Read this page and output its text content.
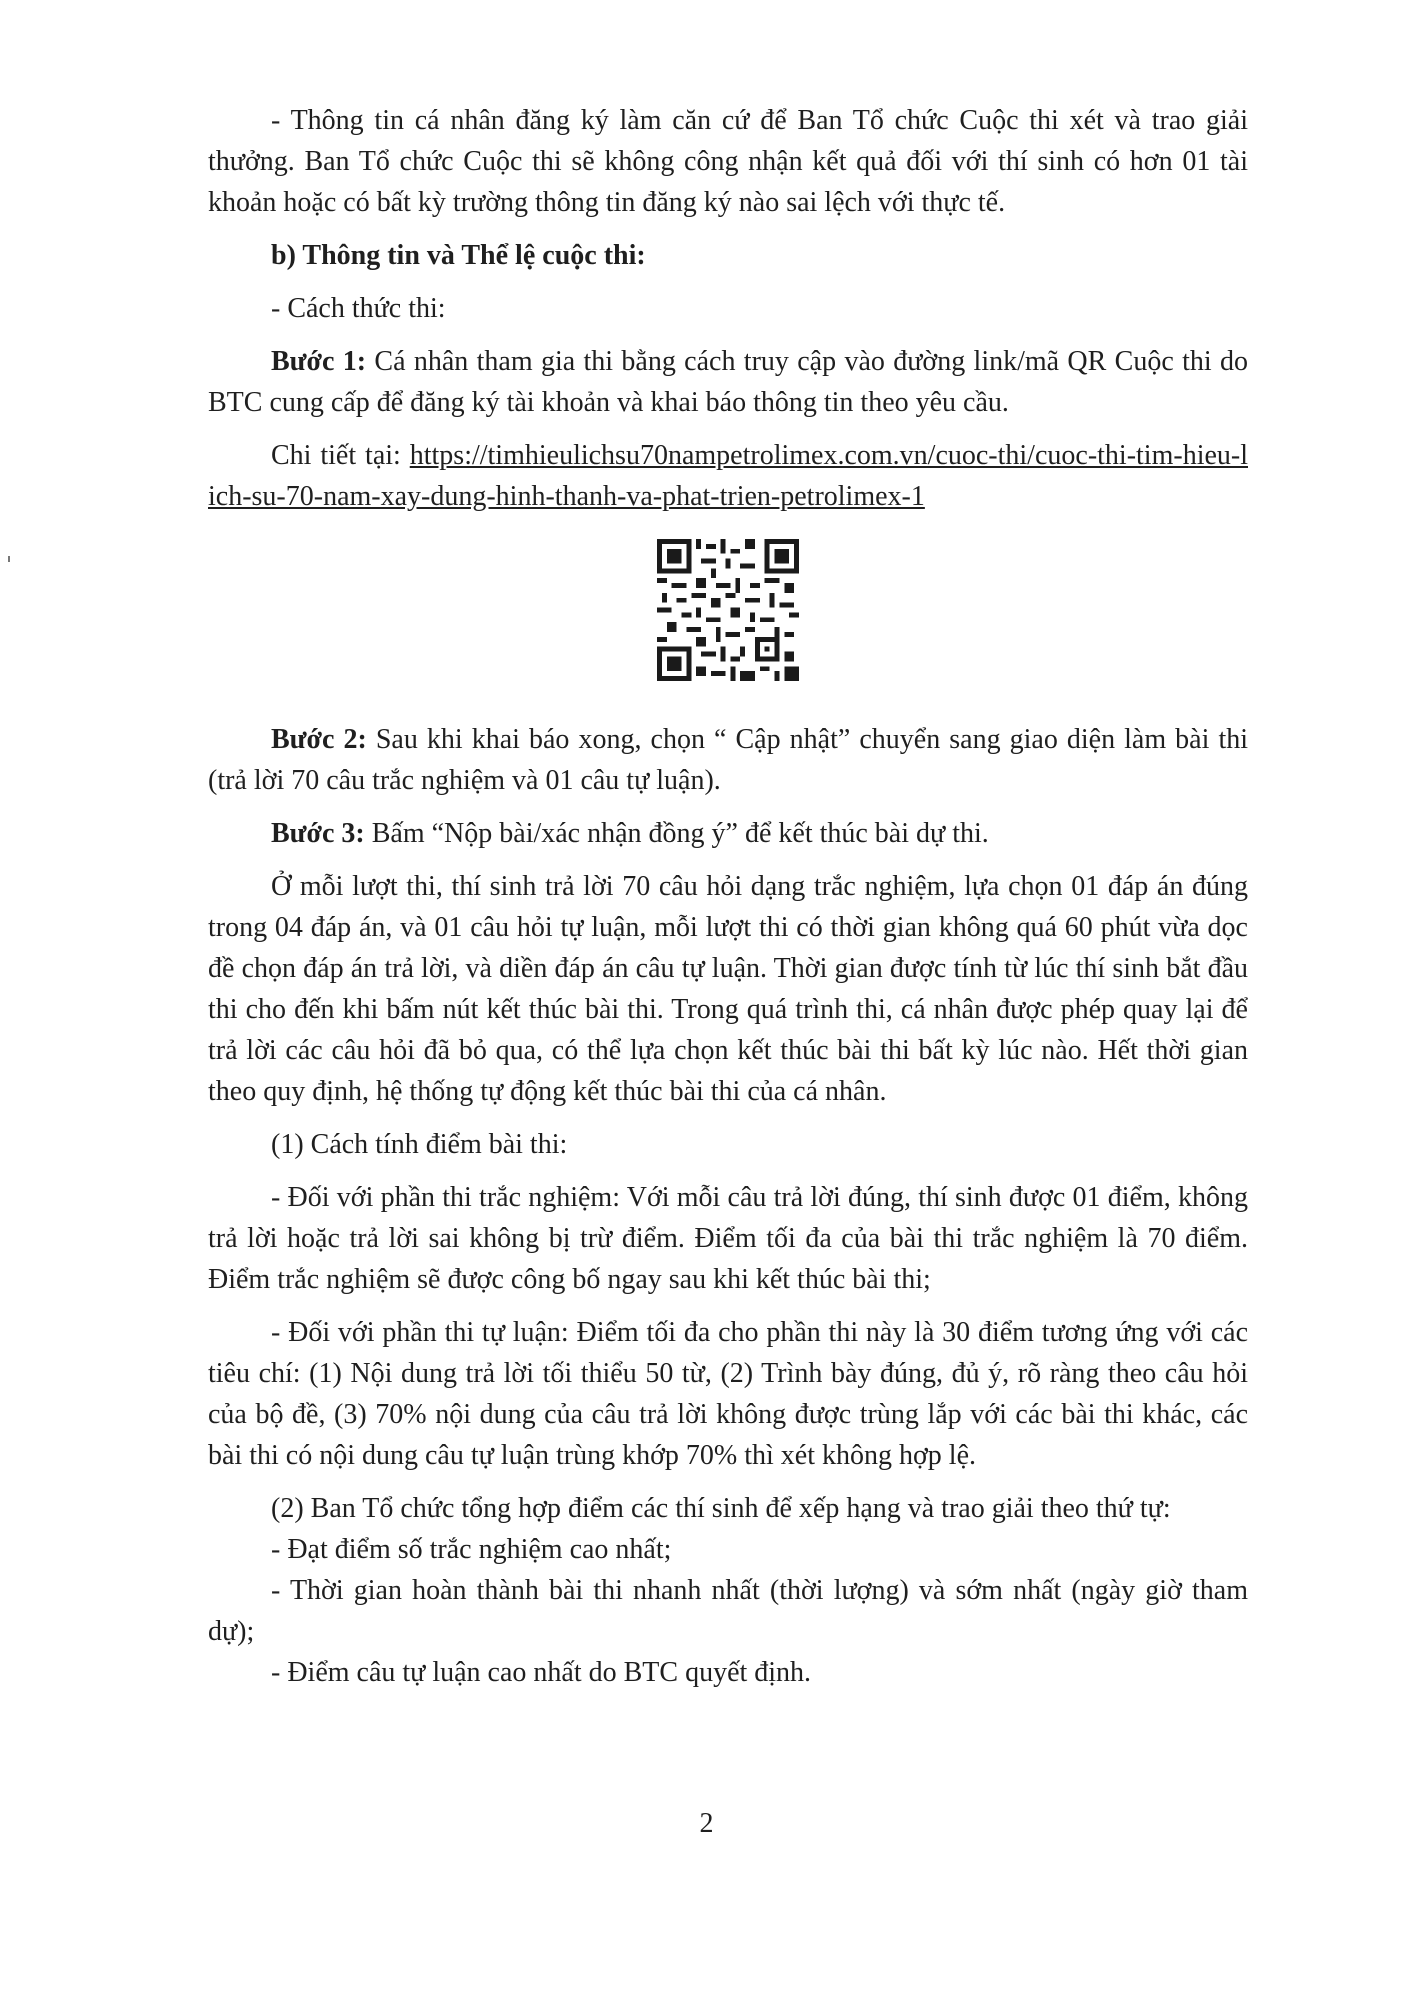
- Thông tin cá nhân đăng ký làm căn cứ để Ban Tổ chức Cuộc thi xét và trao giải thưởng. Ban Tổ chức Cuộc thi sẽ không công nhận kết quả đối với thí sinh có hơn 01 tài khoản hoặc có bất kỳ trường thông tin đăng ký nào sai lệch với thực tế.

b) Thông tin và Thể lệ cuộc thi:

- Cách thức thi:

Bước 1: Cá nhân tham gia thi bằng cách truy cập vào đường link/mã QR Cuộc thi do BTC cung cấp để đăng ký tài khoản và khai báo thông tin theo yêu cầu.

Chi tiết tại: https://timhieulichsu70nampetrolimex.com.vn/cuoc-thi/cuoc-thi-tim-hieu-lich-su-70-nam-xay-dung-hinh-thanh-va-phat-trien-petrolimex-1

Bước 2: Sau khi khai báo xong, chọn “ Cập nhật” chuyển sang giao diện làm bài thi (trả lời 70 câu trắc nghiệm và 01 câu tự luận).

Bước 3: Bấm “Nộp bài/xác nhận đồng ý” để kết thúc bài dự thi.

Ở mỗi lượt thi, thí sinh trả lời 70 câu hỏi dạng trắc nghiệm, lựa chọn 01 đáp án đúng trong 04 đáp án, và 01 câu hỏi tự luận, mỗi lượt thi có thời gian không quá 60 phút vừa dọc đề chọn đáp án trả lời, và diền đáp án câu tự luận. Thời gian được tính từ lúc thí sinh bắt đầu thi cho đến khi bấm nút kết thúc bài thi. Trong quá trình thi, cá nhân được phép quay lại để trả lời các câu hỏi đã bỏ qua, có thể lựa chọn kết thúc bài thi bất kỳ lúc nào. Hết thời gian theo quy định, hệ thống tự động kết thúc bài thi của cá nhân.

(1) Cách tính điểm bài thi:

- Đối với phần thi trắc nghiệm: Với mỗi câu trả lời đúng, thí sinh được 01 điểm, không trả lời hoặc trả lời sai không bị trừ điểm. Điểm tối đa của bài thi trắc nghiệm là 70 điểm. Điểm trắc nghiệm sẽ được công bố ngay sau khi kết thúc bài thi;

- Đối với phần thi tự luận: Điểm tối đa cho phần thi này là 30 điểm tương ứng với các tiêu chí: (1) Nội dung trả lời tối thiểu 50 từ, (2) Trình bày đúng, đủ ý, rõ ràng theo câu hỏi của bộ đề, (3) 70% nội dung của câu trả lời không được trùng lắp với các bài thi khác, các bài thi có nội dung câu tự luận trùng khớp 70% thì xét không hợp lệ.

(2) Ban Tổ chức tổng hợp điểm các thí sinh để xếp hạng và trao giải theo thứ tự:

- Đạt điểm số trắc nghiệm cao nhất;

- Thời gian hoàn thành bài thi nhanh nhất (thời lượng) và sớm nhất (ngày giờ tham dự);

- Điểm câu tự luận cao nhất do BTC quyết định.

2
